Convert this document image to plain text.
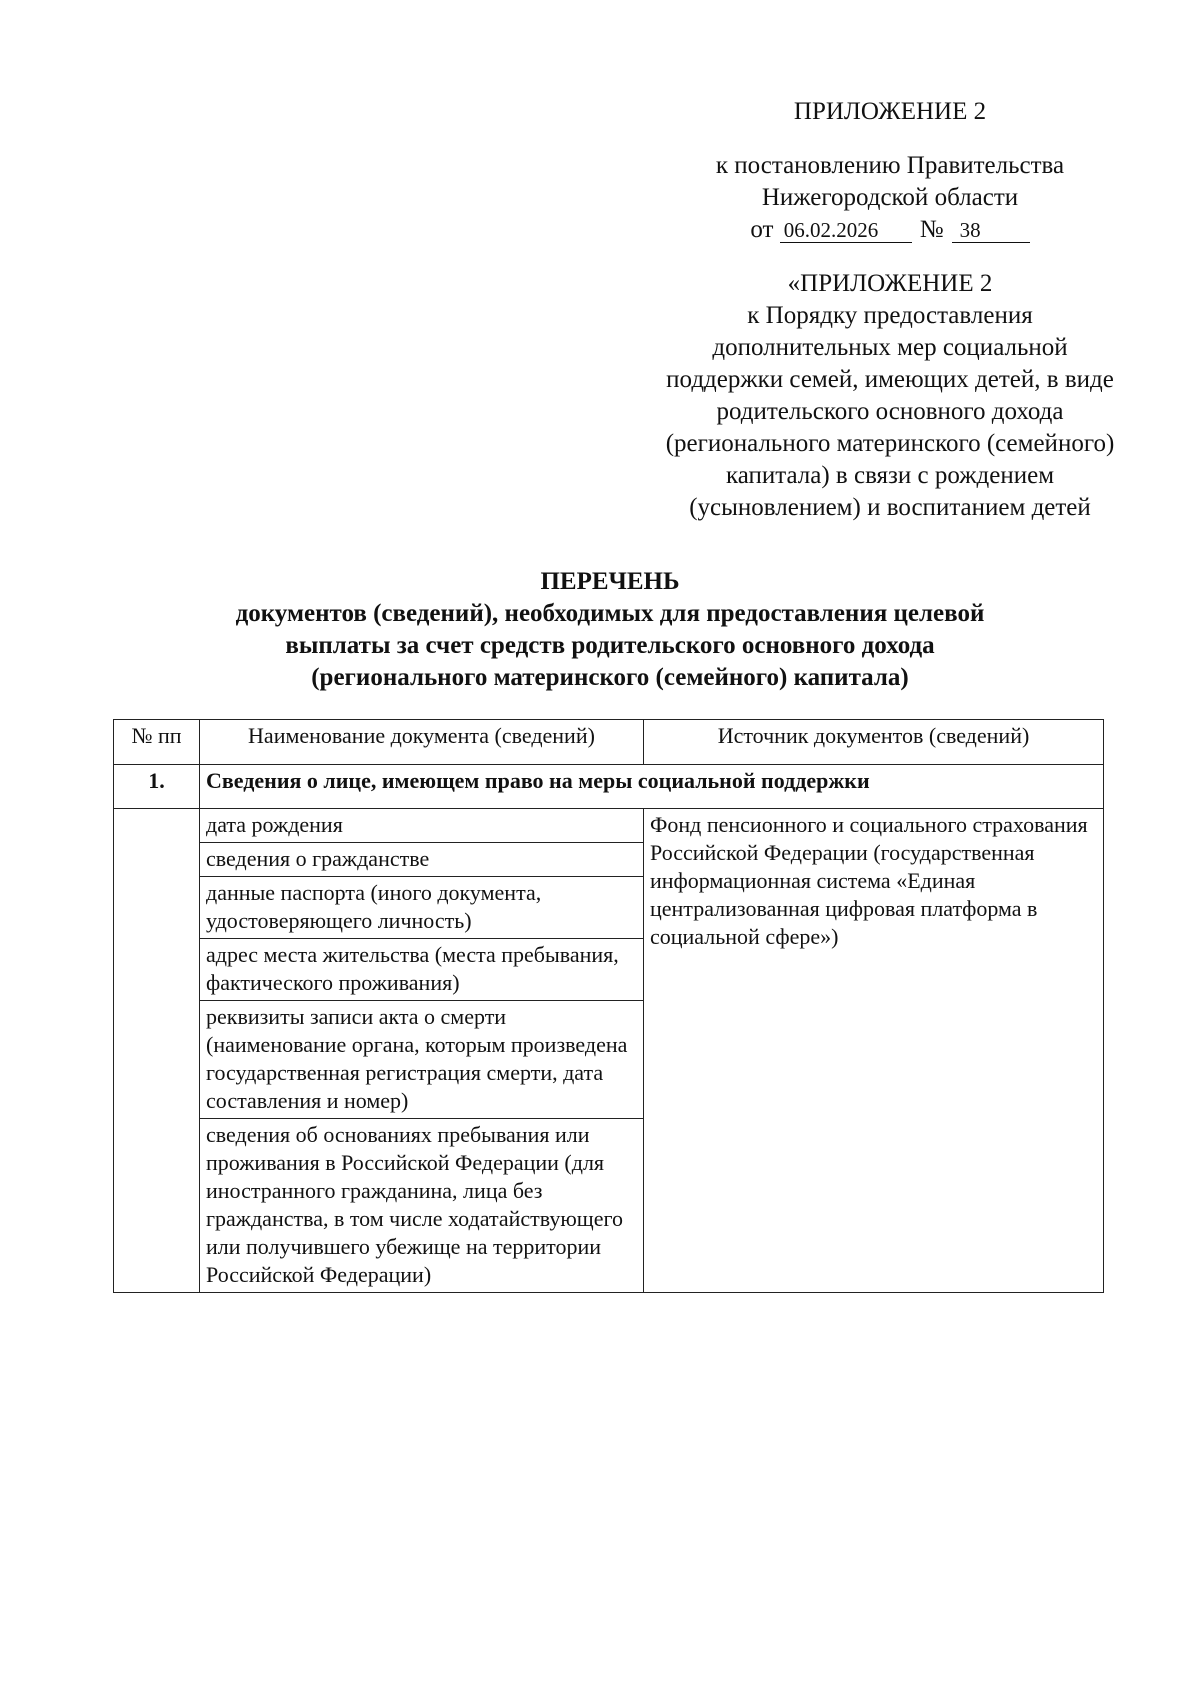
ПРИЛОЖЕНИЕ 2

к постановлению Правительства

Нижегородской области

от 06.02.2026 № 38

«ПРИЛОЖЕНИЕ 2

к Порядку предоставления

дополнительных мер социальной

поддержки семей, имеющих детей, в виде

родительского основного дохода

(регионального материнского (семейного)

капитала) в связи с рождением

(усыновлением) и воспитанием детей

ПЕРЕЧЕНЬ

документов (сведений), необходимых для предоставления целевой

выплаты за счет средств родительского основного дохода

(регионального материнского (семейного) капитала)

№ пп	Наименование документа (сведений)	Источник документов (сведений)
1.	Сведения о лице, имеющем право на меры социальной поддержки	
	дата рождения	Фонд пенсионного и социального страхования Российской Федерации (государственная информационная система «Единая централизованная цифровая платформа в социальной сфере»)
	сведения о гражданстве	
	данные паспорта (иного документа, удостоверяющего личность)	
	адрес места жительства (места пребывания, фактического проживания)	
	реквизиты записи акта о смерти (наименование органа, которым произведена государственная регистрация смерти, дата составления и номер)	
	сведения об основаниях пребывания или проживания в Российской Федерации (для иностранного гражданина, лица без гражданства, в том числе ходатайствующего или получившего убежище на территории Российской Федерации)	
